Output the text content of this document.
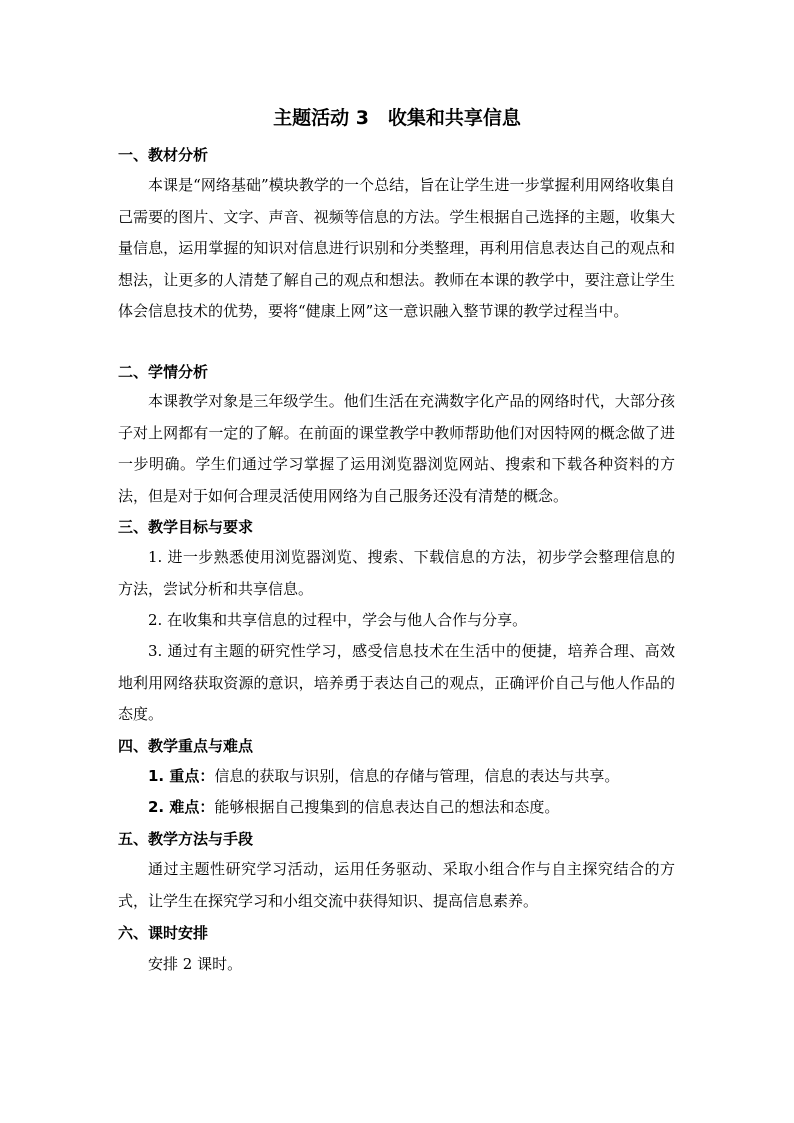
主题活动 3　收集和共享信息
一、教材分析
本课是“网络基础”模块教学的一个总结，旨在让学生进一步掌握利用网络收集自己需要的图片、文字、声音、视频等信息的方法。学生根据自己选择的主题，收集大量信息，运用掌握的知识对信息进行识别和分类整理，再利用信息表达自己的观点和想法，让更多的人清楚了解自己的观点和想法。教师在本课的教学中，要注意让学生体会信息技术的优势，要将“健康上网”这一意识融入整节课的教学过程当中。
二、学情分析
本课教学对象是三年级学生。他们生活在充满数字化产品的网络时代，大部分孩子对上网都有一定的了解。在前面的课堂教学中教师帮助他们对因特网的概念做了进一步明确。学生们通过学习掌握了运用浏览器浏览网站、搜索和下载各种资料的方法，但是对于如何合理灵活使用网络为自己服务还没有清楚的概念。
三、教学目标与要求
1. 进一步熟悉使用浏览器浏览、搜索、下载信息的方法，初步学会整理信息的方法，尝试分析和共享信息。
2. 在收集和共享信息的过程中，学会与他人合作与分享。
3. 通过有主题的研究性学习，感受信息技术在生活中的便捷，培养合理、高效地利用网络获取资源的意识，培养勇于表达自己的观点，正确评价自己与他人作品的态度。
四、教学重点与难点
1. 重点：信息的获取与识别，信息的存储与管理，信息的表达与共享。
2. 难点：能够根据自己搜集到的信息表达自己的想法和态度。
五、教学方法与手段
通过主题性研究学习活动，运用任务驱动、采取小组合作与自主探究结合的方式，让学生在探究学习和小组交流中获得知识、提高信息素养。
六、课时安排
安排 2 课时。
